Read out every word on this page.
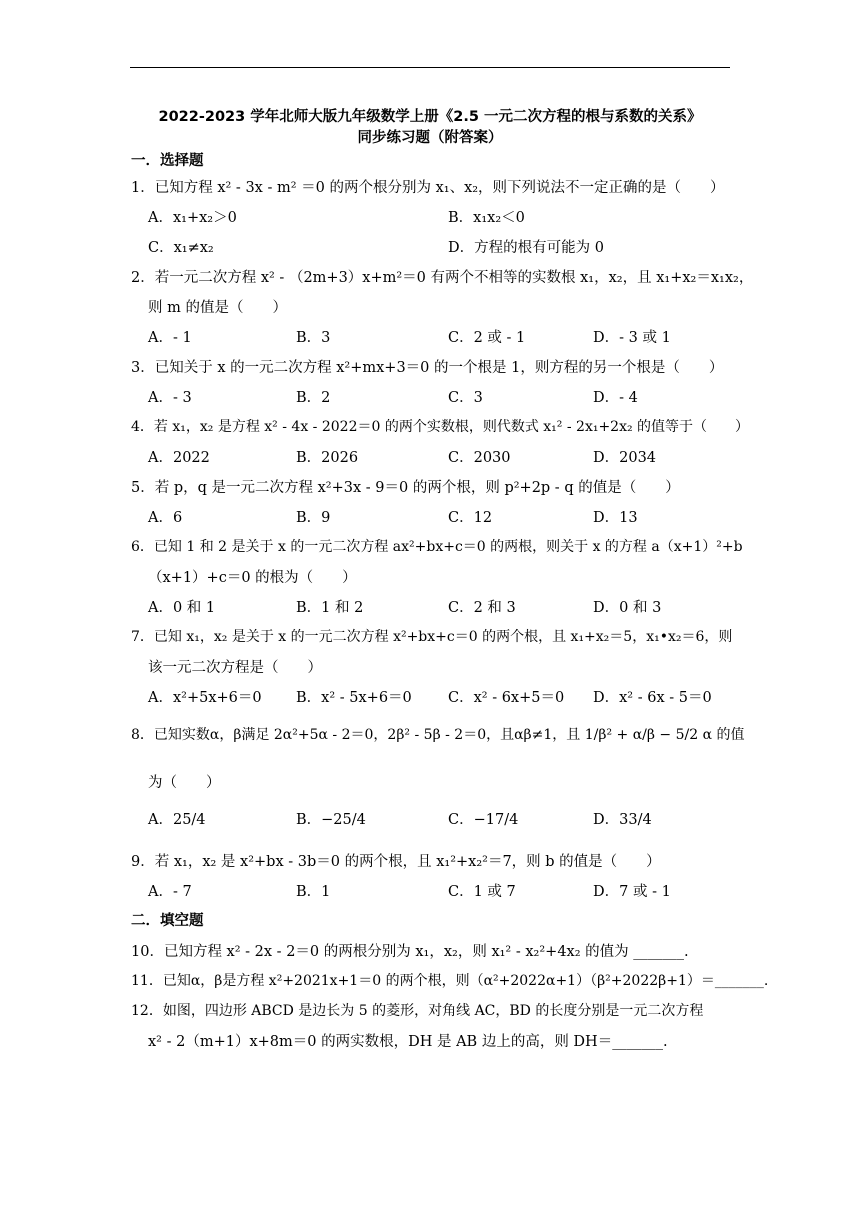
2022-2023 学年北师大版九年级数学上册《2.5 一元二次方程的根与系数的关系》
同步练习题（附答案）
一．选择题
1．已知方程 x² ‑ 3x ‑ m² ＝0 的两个根分别为 x₁、x₂，则下列说法不一定正确的是（　　）
A．x₁+x₂＞0	B．x₁x₂＜0
C．x₁≠x₂	D．方程的根有可能为 0
2．若一元二次方程 x² ‑ （2m+3）x+m²＝0 有两个不相等的实数根 x₁，x₂，且 x₁+x₂＝x₁x₂，
则 m 的值是（　　）
A．‑ 1	B．3	C．2 或 ‑ 1	D．‑ 3 或 1
3．已知关于 x 的一元二次方程 x²+mx+3＝0 的一个根是 1，则方程的另一个根是（　　）
A．‑ 3	B．2	C．3	D．‑ 4
4．若 x₁，x₂ 是方程 x² ‑ 4x ‑ 2022＝0 的两个实数根，则代数式 x₁² ‑ 2x₁+2x₂ 的值等于（　　）
A．2022	B．2026	C．2030	D．2034
5．若 p，q 是一元二次方程 x²+3x ‑ 9＝0 的两个根，则 p²+2p ‑ q 的值是（　　）
A．6	B．9	C．12	D．13
6．已知 1 和 2 是关于 x 的一元二次方程 ax²+bx+c＝0 的两根，则关于 x 的方程 a（x+1）²+b
（x+1）+c＝0 的根为（　　）
A．0 和 1	B．1 和 2	C．2 和 3	D．0 和 3
7．已知 x₁，x₂ 是关于 x 的一元二次方程 x²+bx+c＝0 的两个根，且 x₁+x₂＝5，x₁•x₂＝6，则
该一元二次方程是（　　）
A．x²+5x+6＝0 B．x² ‑ 5x+6＝0 C．x² ‑ 6x+5＝0 D．x² ‑ 6x ‑ 5＝0
8．已知实数α，β满足 2α²+5α ‑ 2＝0，2β² ‑ 5β ‑ 2＝0，且αβ≠1，且 1/β² + α/β − 5/2 α 的值
为（　　）
A．25/4	B．−25/4	C．−17/4	D．33/4
9．若 x₁，x₂ 是 x²+bx ‑ 3b＝0 的两个根，且 x₁²+x₂²＝7，则 b 的值是（　　）
A．‑ 7	B．1	C．1 或 7	D．7 或 ‑ 1
二．填空题
10．已知方程 x² ‑ 2x ‑ 2＝0 的两根分别为 x₁，x₂，则 x₁² ‑ x₂²+4x₂ 的值为 _______.
11．已知α，β是方程 x²+2021x+1＝0 的两个根，则（α²+2022α+1）（β²+2022β+1）＝_______.
12．如图，四边形 ABCD 是边长为 5 的菱形，对角线 AC，BD 的长度分别是一元二次方程
x² ‑ 2（m+1）x+8m＝0 的两实数根，DH 是 AB 边上的高，则 DH＝_______.
